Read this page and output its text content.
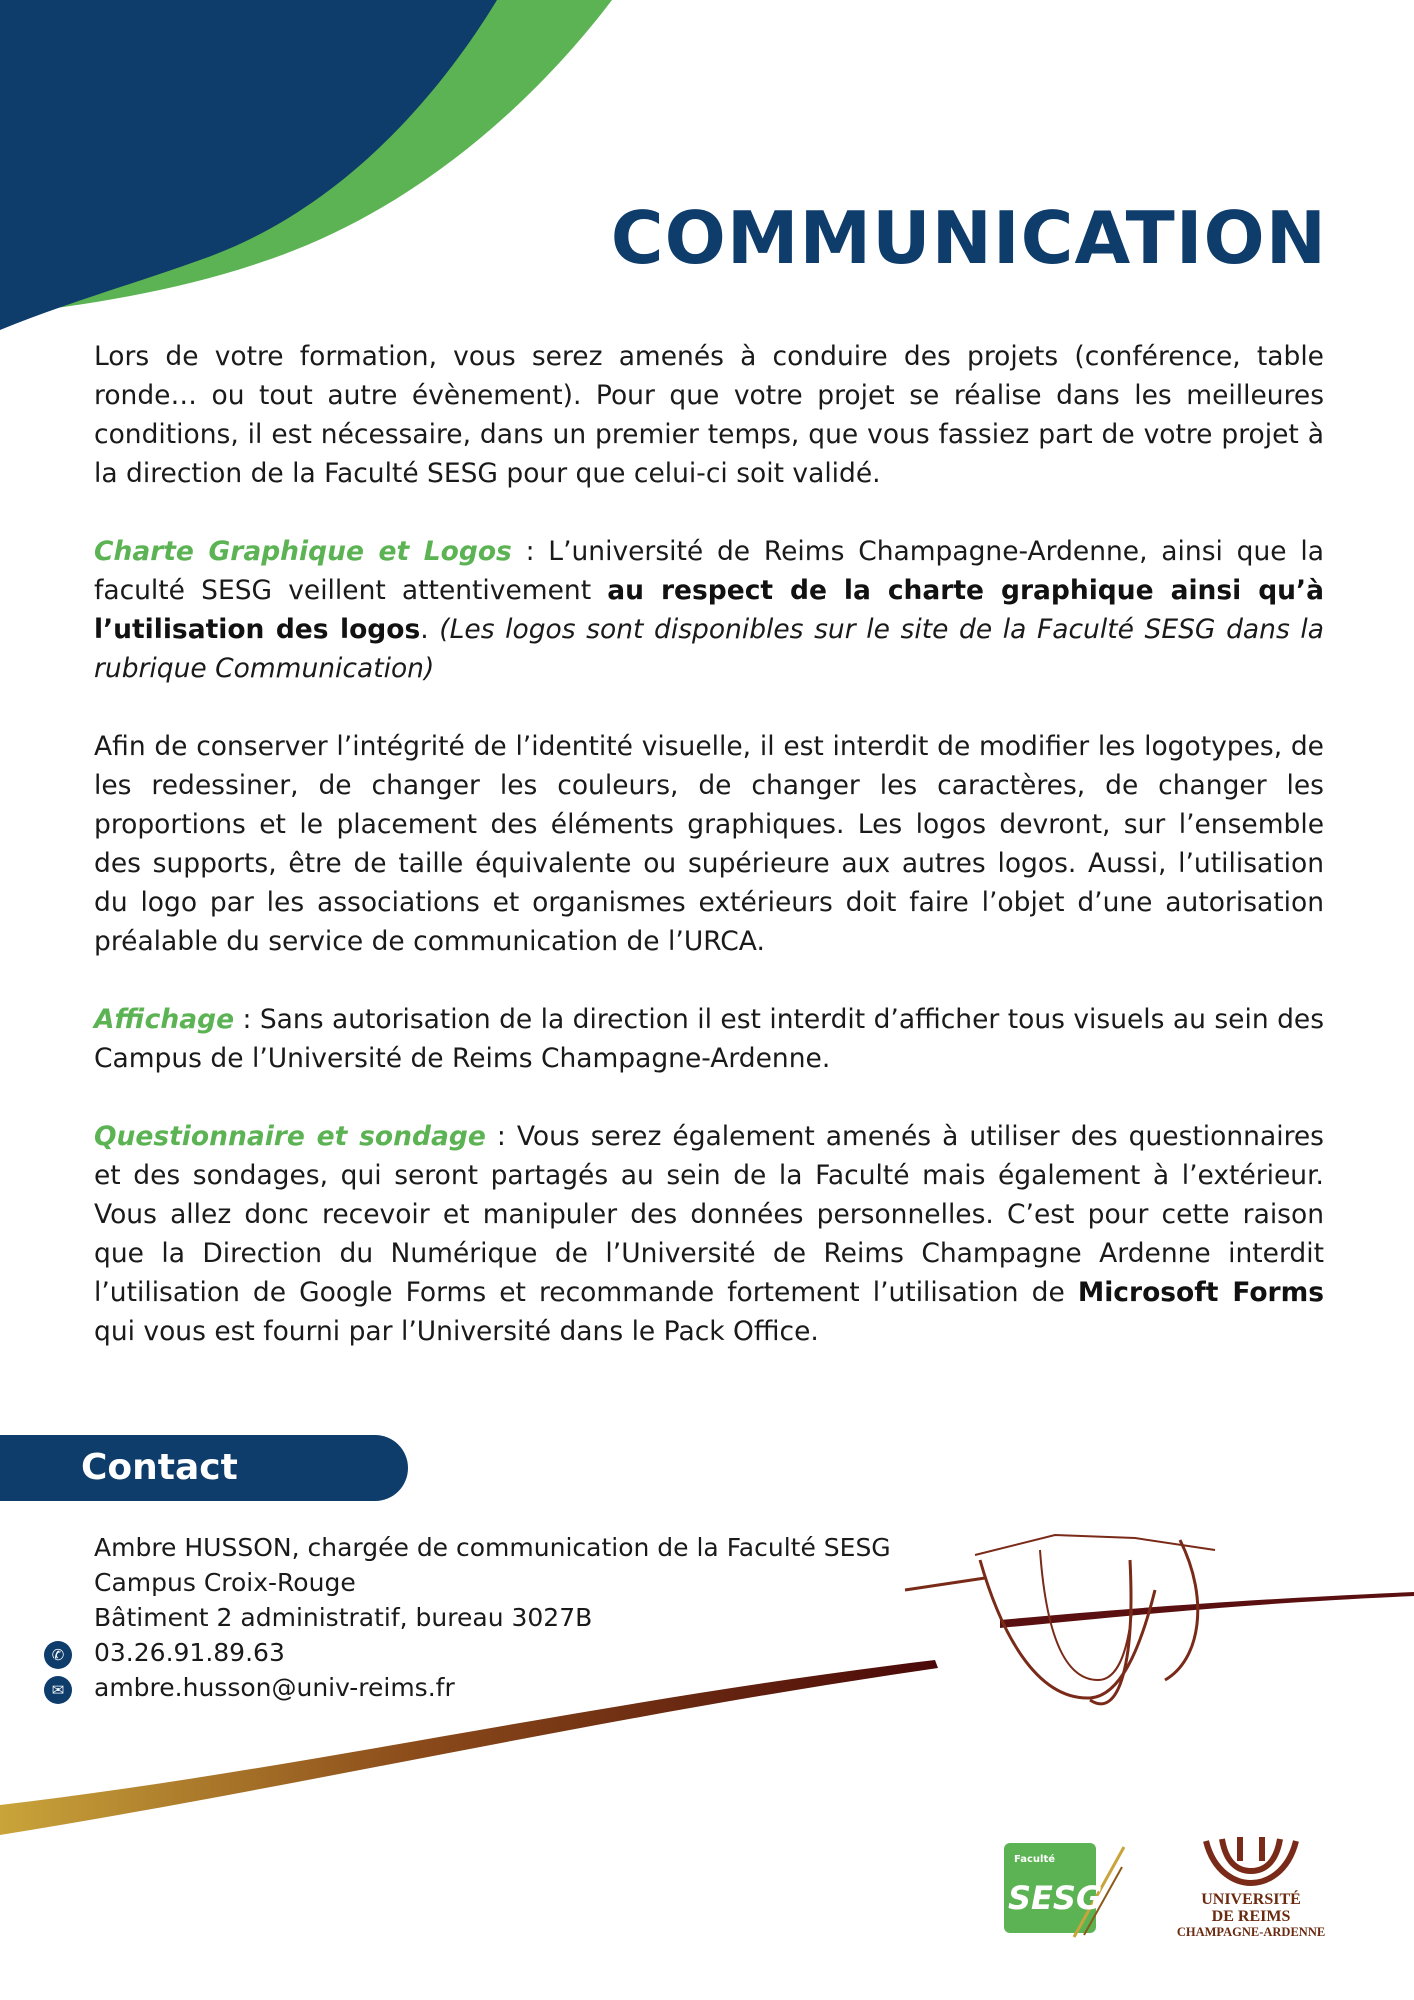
COMMUNICATION

Lors de votre formation, vous serez amenés à conduire des projets (conférence, table ronde… ou tout autre évènement). Pour que votre projet se réalise dans les meilleures conditions, il est nécessaire, dans un premier temps, que vous fassiez part de votre projet à la direction de la Faculté SESG pour que celui-ci soit validé.

Charte Graphique et Logos : L’université de Reims Champagne-Ardenne, ainsi que la faculté SESG veillent attentivement au respect de la charte graphique ainsi qu’à l’utilisation des logos. (Les logos sont disponibles sur le site de la Faculté SESG dans la rubrique Communication)

Afin de conserver l’intégrité de l’identité visuelle, il est interdit de modifier les logotypes, de les redessiner, de changer les couleurs, de changer les caractères, de changer les proportions et le placement des éléments graphiques. Les logos devront, sur l’ensemble des supports, être de taille équivalente ou supérieure aux autres logos. Aussi, l’utilisation du logo par les associations et organismes extérieurs doit faire l’objet d’une autorisation préalable du service de communication de l’URCA.

Affichage : Sans autorisation de la direction il est interdit d’afficher tous visuels au sein des Campus de l’Université de Reims Champagne-Ardenne.

Questionnaire et sondage : Vous serez également amenés à utiliser des questionnaires et des sondages, qui seront partagés au sein de la Faculté mais également à l’extérieur. Vous allez donc recevoir et manipuler des données personnelles. C’est pour cette raison que la Direction du Numérique de l’Université de Reims Champagne Ardenne interdit l’utilisation de Google Forms et recommande fortement l’utilisation de Microsoft Forms qui vous est fourni par l’Université dans le Pack Office.

Contact
Ambre HUSSON, chargée de communication de la Faculté SESG
Campus Croix-Rouge
Bâtiment 2 administratif, bureau 3027B
03.26.91.89.63
ambre.husson@univ-reims.fr
✆
✉
Faculté
SESG	UNIVERSITÉ
DE REIMS
CHAMPAGNE-ARDENNE
